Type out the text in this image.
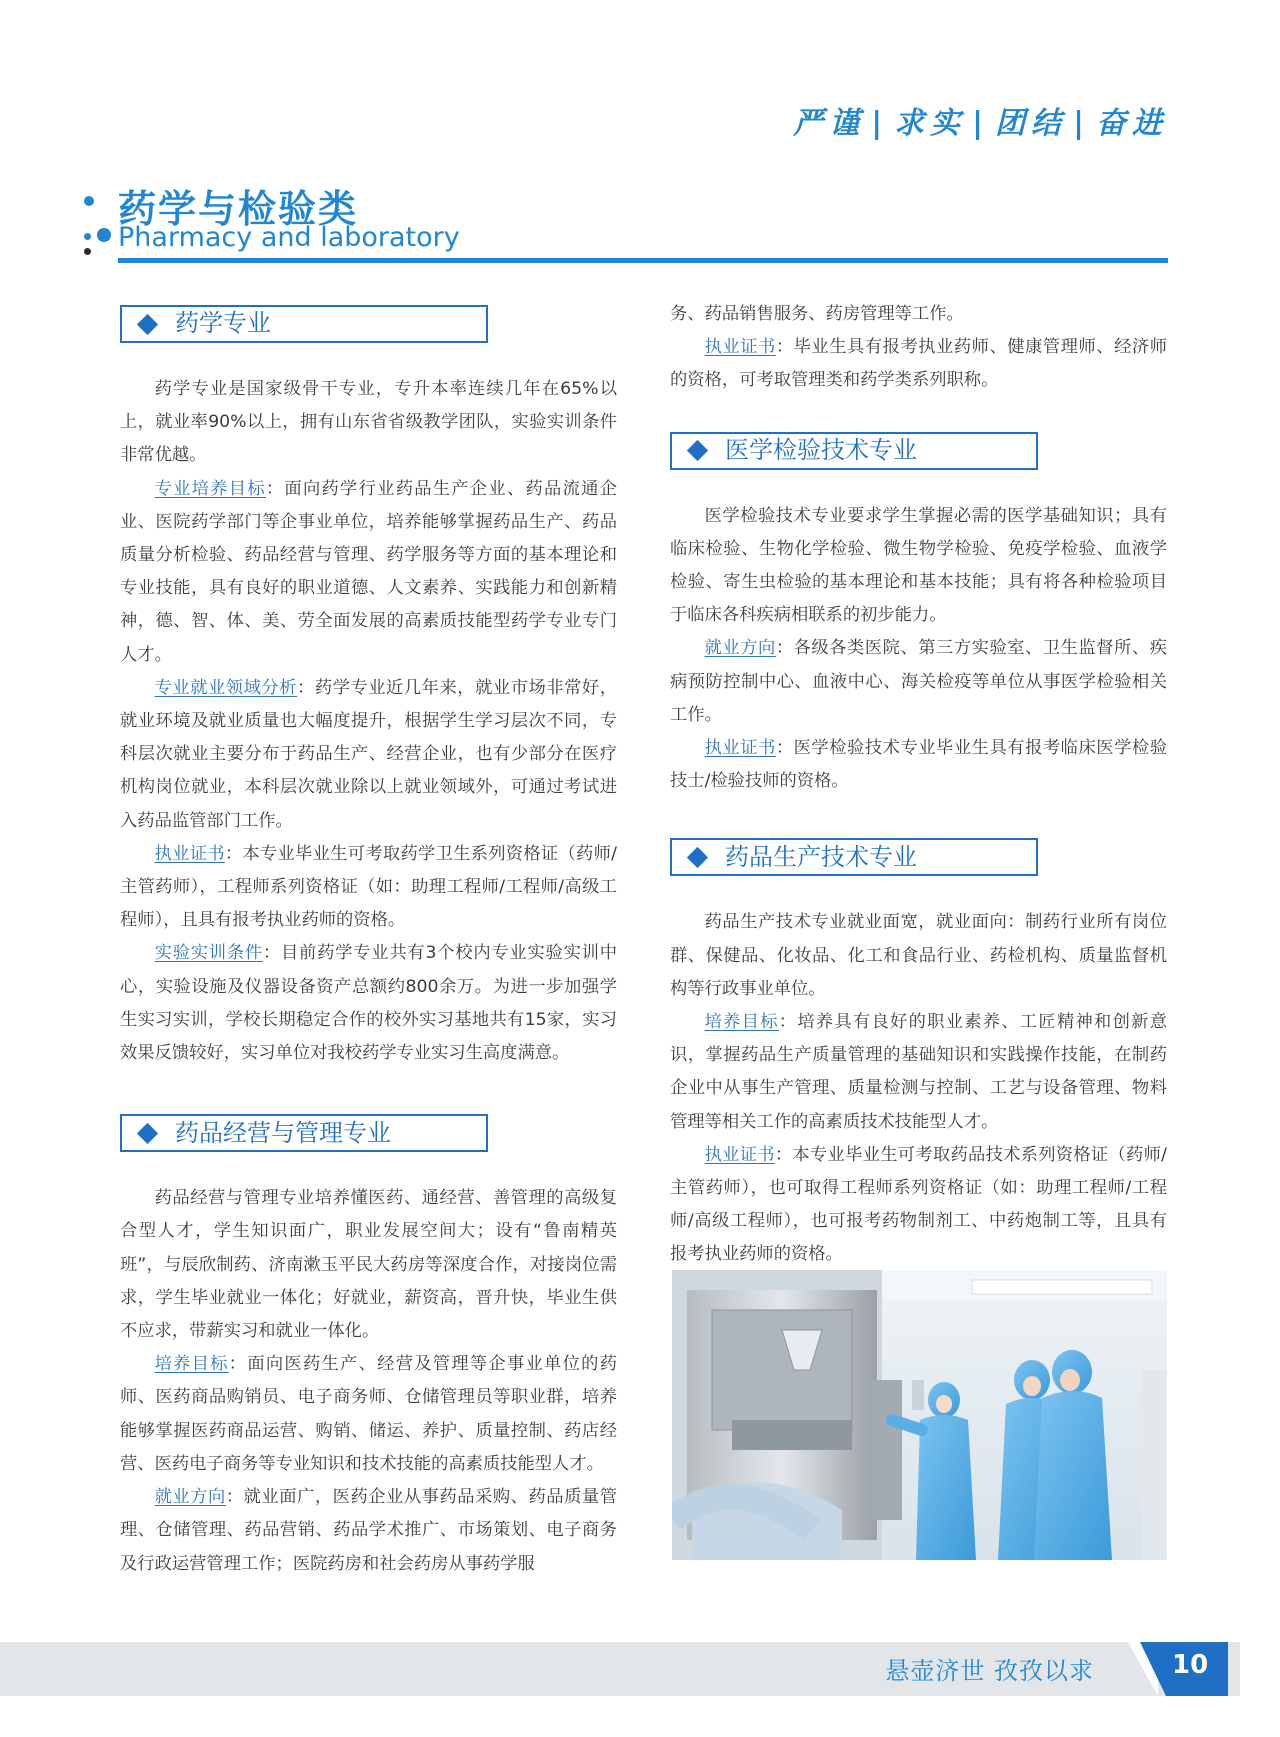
严谨 | 求实 | 团结 | 奋进
药学与检验类
Pharmacy and laboratory
药学专业

药学专业是国家级骨干专业，专升本率连续几年在65%以上，就业率90%以上，拥有山东省省级教学团队，实验实训条件非常优越。

专业培养目标：面向药学行业药品生产企业、药品流通企业、医院药学部门等企事业单位，培养能够掌握药品生产、药品质量分析检验、药品经营与管理、药学服务等方面的基本理论和专业技能，具有良好的职业道德、人文素养、实践能力和创新精神，德、智、体、美、劳全面发展的高素质技能型药学专业专门人才。

专业就业领域分析：药学专业近几年来，就业市场非常好，就业环境及就业质量也大幅度提升，根据学生学习层次不同，专科层次就业主要分布于药品生产、经营企业，也有少部分在医疗机构岗位就业，本科层次就业除以上就业领域外，可通过考试进入药品监管部门工作。

执业证书：本专业毕业生可考取药学卫生系列资格证（药师/主管药师），工程师系列资格证（如：助理工程师/工程师/高级工程师），且具有报考执业药师的资格。

实验实训条件：目前药学专业共有3个校内专业实验实训中心，实验设施及仪器设备资产总额约800余万。为进一步加强学生实习实训，学校长期稳定合作的校外实习基地共有15家，实习效果反馈较好，实习单位对我校药学专业实习生高度满意。

药品经营与管理专业

药品经营与管理专业培养懂医药、通经营、善管理的高级复合型人才，学生知识面广，职业发展空间大；设有“鲁南精英班”，与辰欣制药、济南漱玉平民大药房等深度合作，对接岗位需求，学生毕业就业一体化；好就业，薪资高，晋升快，毕业生供不应求，带薪实习和就业一体化。

培养目标：面向医药生产、经营及管理等企事业单位的药师、医药商品购销员、电子商务师、仓储管理员等职业群，培养能够掌握医药商品运营、购销、储运、养护、质量控制、药店经营、医药电子商务等专业知识和技术技能的高素质技能型人才。

就业方向：就业面广，医药企业从事药品采购、药品质量管理、仓储管理、药品营销、药品学术推广、市场策划、电子商务及行政运营管理工作；医院药房和社会药房从事药学服

务、药品销售服务、药房管理等工作。

执业证书：毕业生具有报考执业药师、健康管理师、经济师的资格，可考取管理类和药学类系列职称。

医学检验技术专业

医学检验技术专业要求学生掌握必需的医学基础知识；具有临床检验、生物化学检验、微生物学检验、免疫学检验、血液学检验、寄生虫检验的基本理论和基本技能；具有将各种检验项目于临床各科疾病相联系的初步能力。

就业方向：各级各类医院、第三方实验室、卫生监督所、疾病预防控制中心、血液中心、海关检疫等单位从事医学检验相关工作。

执业证书：医学检验技术专业毕业生具有报考临床医学检验技士/检验技师的资格。

药品生产技术专业

药品生产技术专业就业面宽，就业面向：制药行业所有岗位群、保健品、化妆品、化工和食品行业、药检机构、质量监督机构等行政事业单位。

培养目标：培养具有良好的职业素养、工匠精神和创新意识，掌握药品生产质量管理的基础知识和实践操作技能，在制药企业中从事生产管理、质量检测与控制、工艺与设备管理、物料管理等相关工作的高素质技术技能型人才。

执业证书：本专业毕业生可考取药品技术系列资格证（药师/主管药师），也可取得工程师系列资格证（如：助理工程师/工程师/高级工程师），也可报考药物制剂工、中药炮制工等，且具有报考执业药师的资格。

悬壶济世 孜孜以求	10
